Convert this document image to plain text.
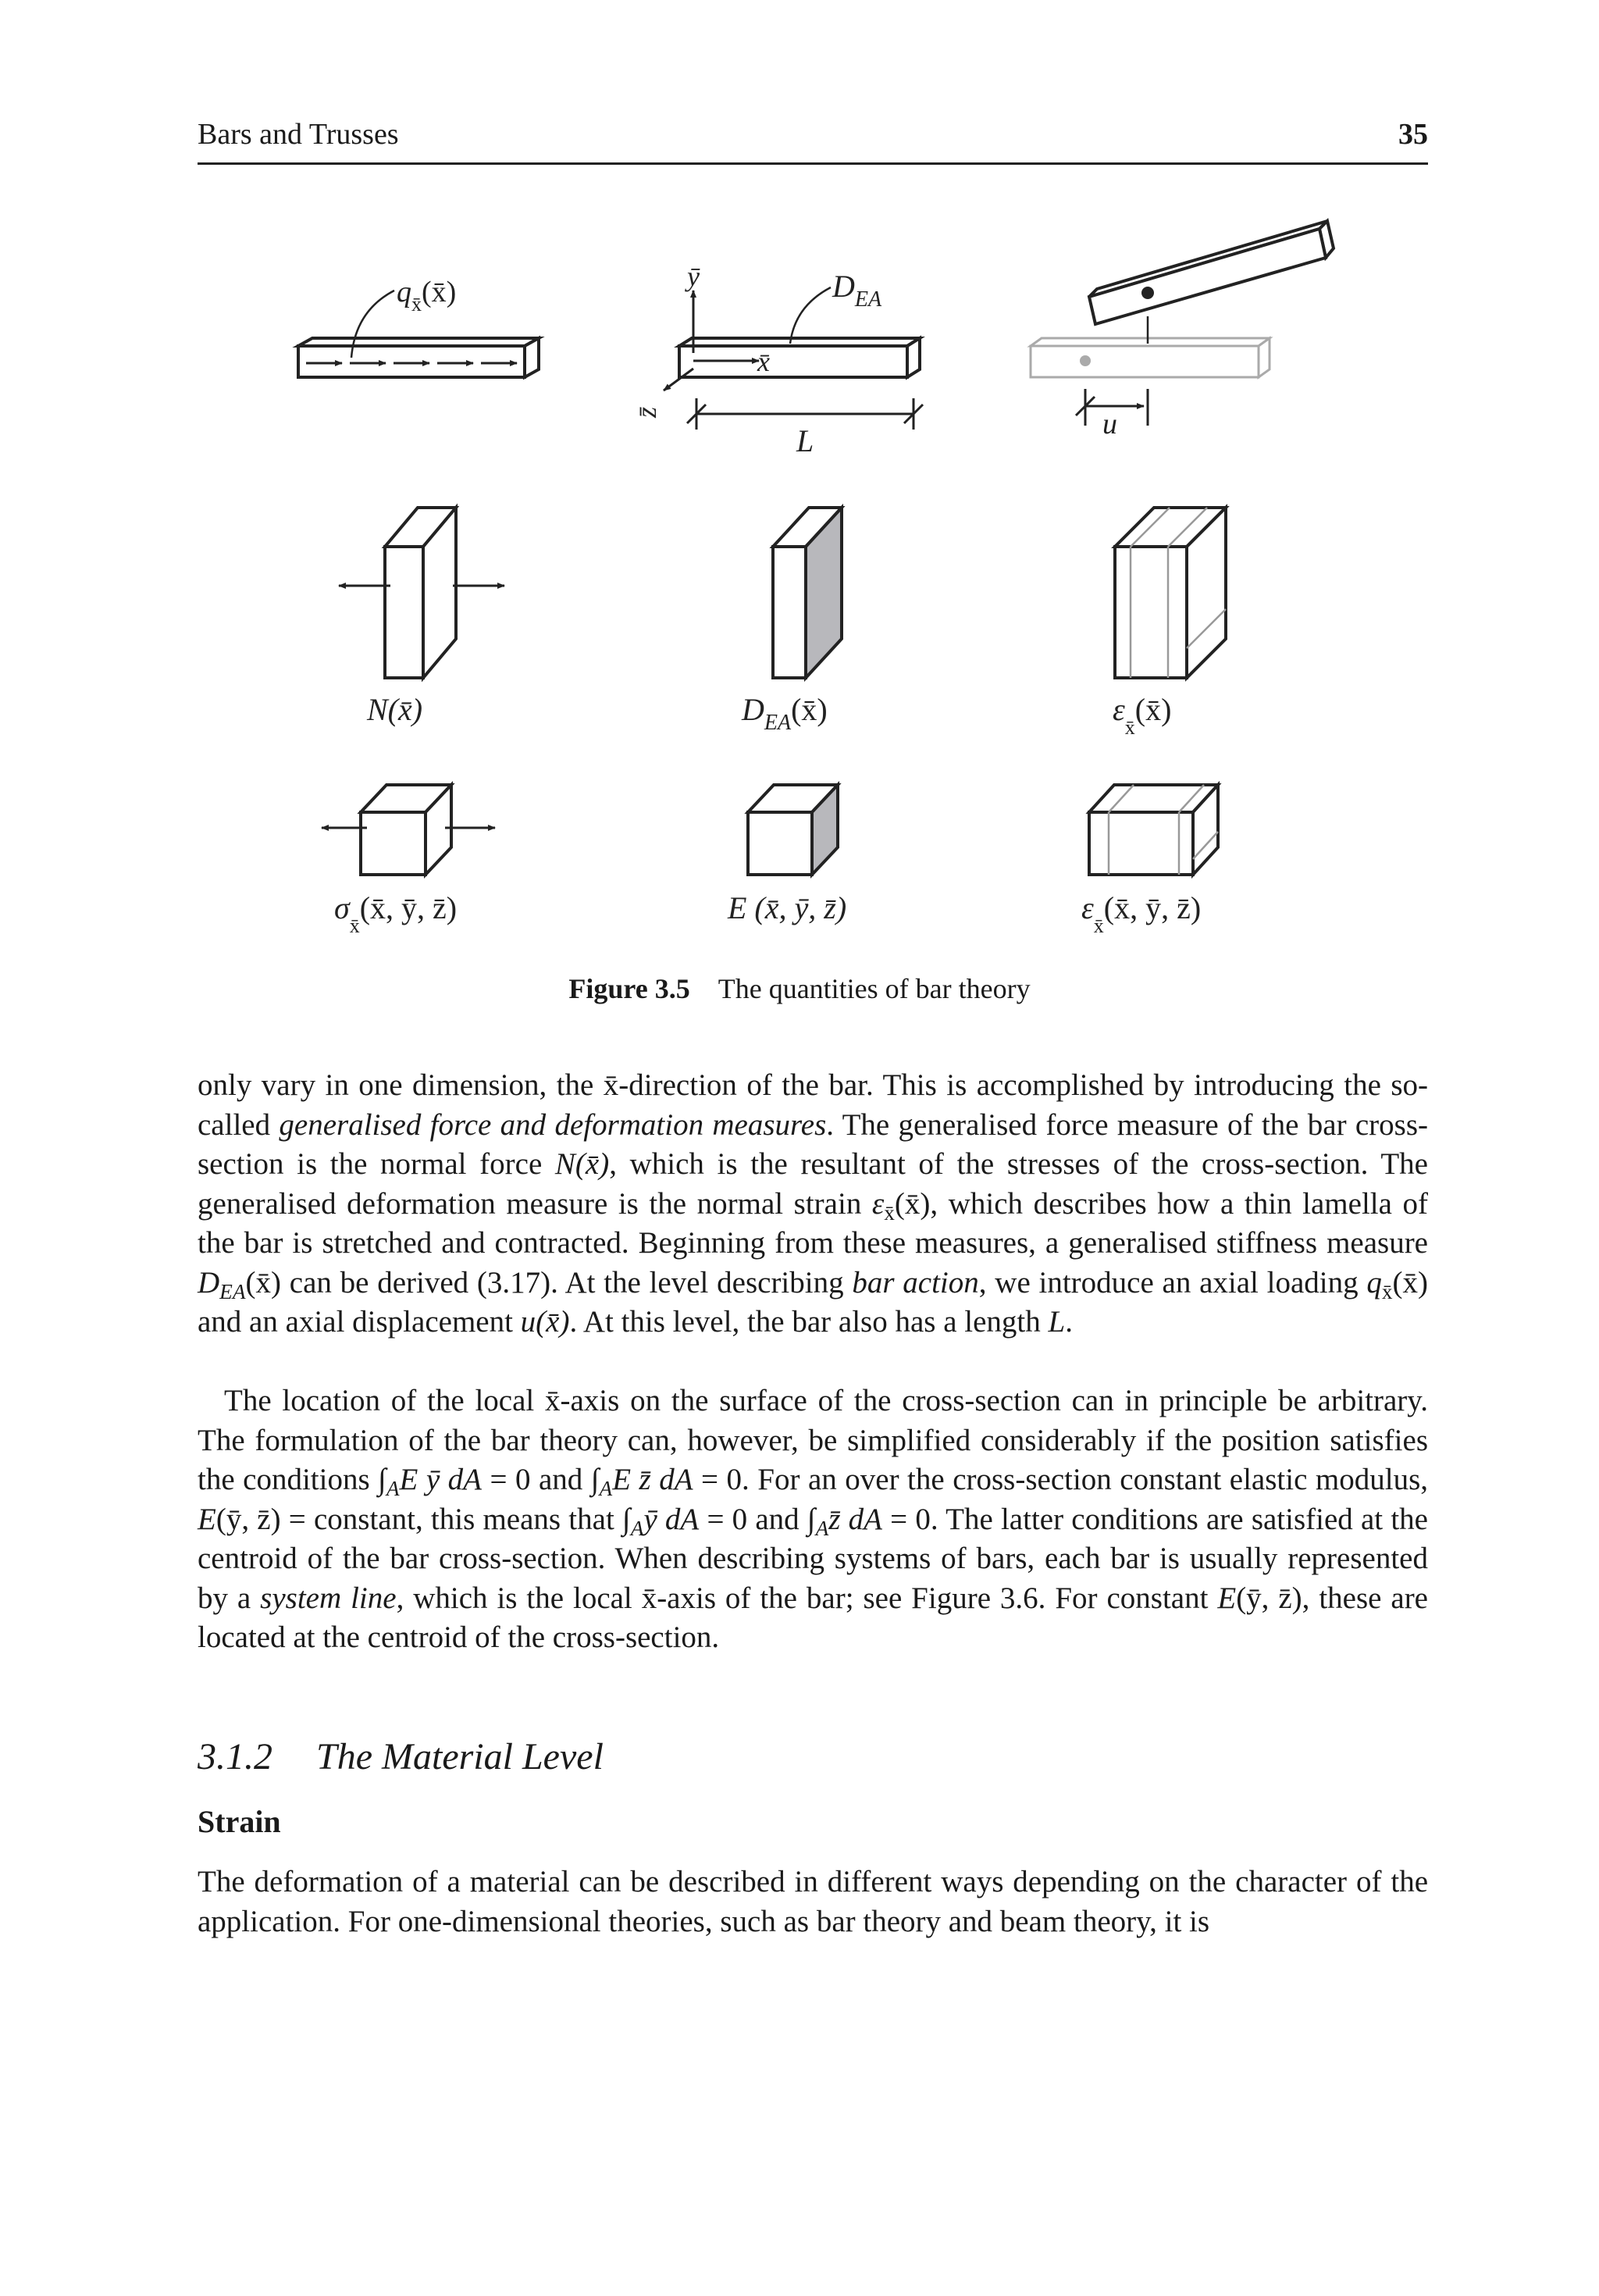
Bars and Trusses	35
$q_{x̄}(x̄)$	ȳ
x̄
z̄
$D_{EA}$
L	u
N(x̄)	$D_{EA}(x̄)$	$\varepsilon_{x̄}(x̄)$
$\sigma_{x̄}(x̄$, ȳ, z̄)	E (x̄, ȳ, z̄)	$\varepsilon_{x̄}(x̄$, ȳ, z̄)
Figure 3.5 The quantities of bar theory

only vary in one dimension, the x̄-direction of the bar. This is accomplished by introducing the so-called generalised force and deformation measures. The generalised force measure of the bar cross-section is the normal force N(x̄), which is the resultant of the stresses of the cross-section. The generalised deformation measure is the normal strain $\varepsilon_{x̄}(x̄)$, which describes how a thin lamella of the bar is stretched and contracted. Beginning from these measures, a generalised stiffness measure $D_{EA}(x̄)$ can be derived (3.17). At the level describing bar action, we introduce an axial loading $q_{x̄}(x̄)$ and an axial displacement u(x̄). At this level, the bar also has a length L.

The location of the local x̄-axis on the surface of the cross-section can in principle be arbitrary. The formulation of the bar theory can, however, be simplified considerably if the position satisfies the conditions $\int_AE$ ȳ dA = 0 and $\int_AE$ z̄ dA = 0. For an over the cross-section constant elastic modulus, E(ȳ, z̄) = constant, this means that $\int_Aȳ$ dA = 0 and $\int_Az̄$ dA = 0. The latter conditions are satisfied at the centroid of the bar cross-section. When describing systems of bars, each bar is usually represented by a system line, which is the local x̄-axis of the bar; see Figure 3.6. For constant E(ȳ, z̄), these are located at the centroid of the cross-section.

3.1.2 The Material Level
Strain

The deformation of a material can be described in different ways depending on the character of the application. For one-dimensional theories, such as bar theory and beam theory, it is
